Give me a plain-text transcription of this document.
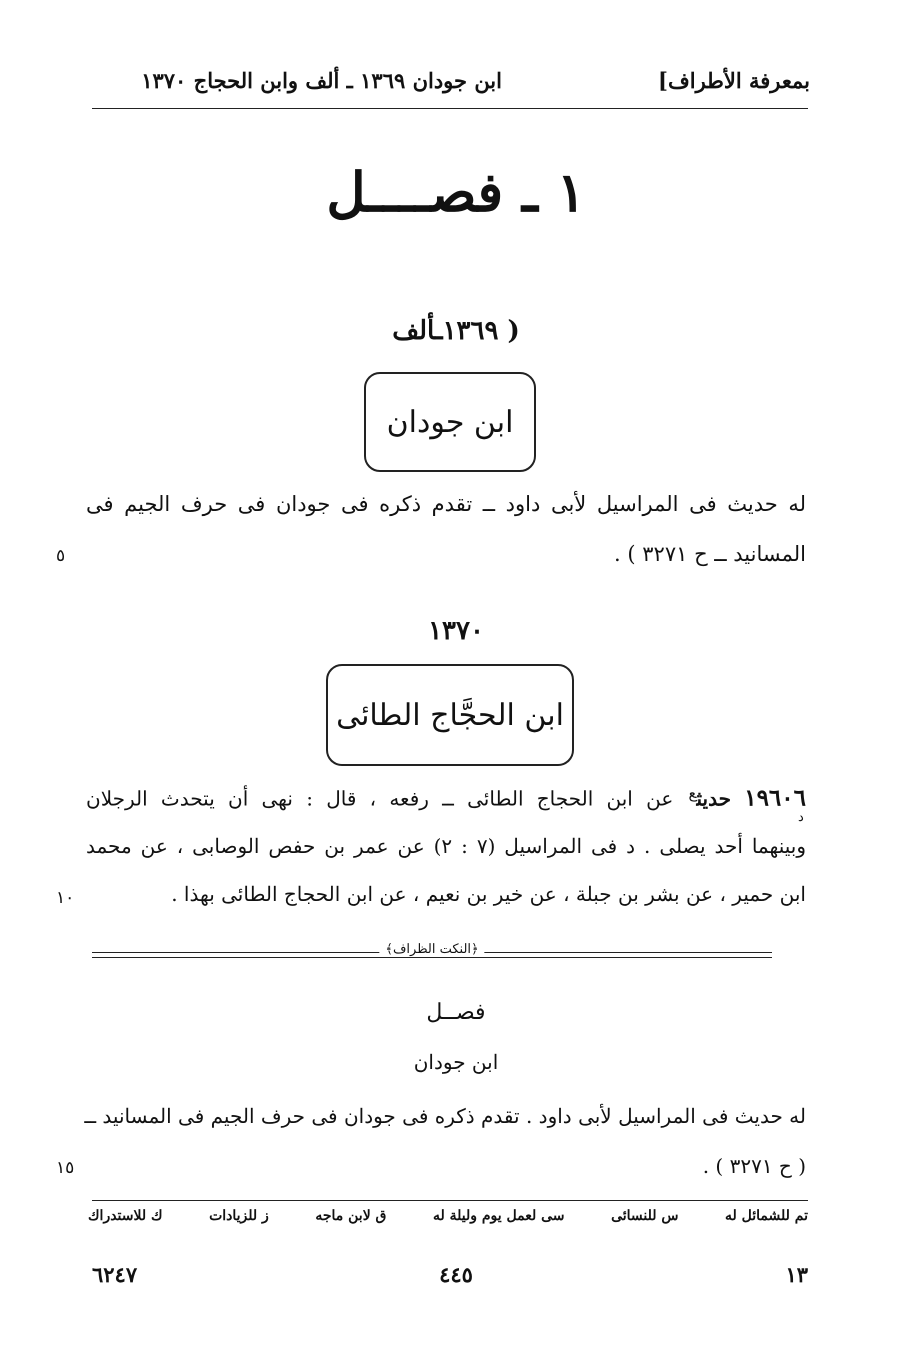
بمعرفة الأطراف]
ابن جودان ١٣٦٩ ـ ألف وابن الحجاج ١٣٧٠
١ ـ فصــــل
( ١٣٦٩ـألف
ابن جودان
له حديث فى المراسيل لأبى داود ــ تقدم ذكره فى جودان فى حرف الجيم فى
المسانيد ــ ح ٣٢٧١ ) .
٥
١٣٧٠
ابن الحجَّاج الطائى
١٩٦٠٦ حديث$^ع$ عن ابن الحجاج الطائى ــ رفعه ، قال : نهى أن يتحدث الرجلان
د
وبينهما أحد يصلى . د فى المراسيل (٧ : ٢) عن عمر بن حفص الوصابى ، عن محمد
ابن حمير ، عن بشر بن جبلة ، عن خير بن نعيم ، عن ابن الحجاج الطائى بهذا .
١٠
﴿النكت الظراف﴾
فصــل
ابن جودان
له حديث فى المراسيل لأبى داود . تقدم ذكره فى جودان فى حرف الجيم فى المسانيد ــ
( ح ٣٢٧١ ) .
١٥
تم للشمائل له
س للنسائى
سى لعمل يوم وليلة له
ق لابن ماجه
ز للزيادات
ك للاستدراك
١٣
٤٤٥
٦٢٤٧
